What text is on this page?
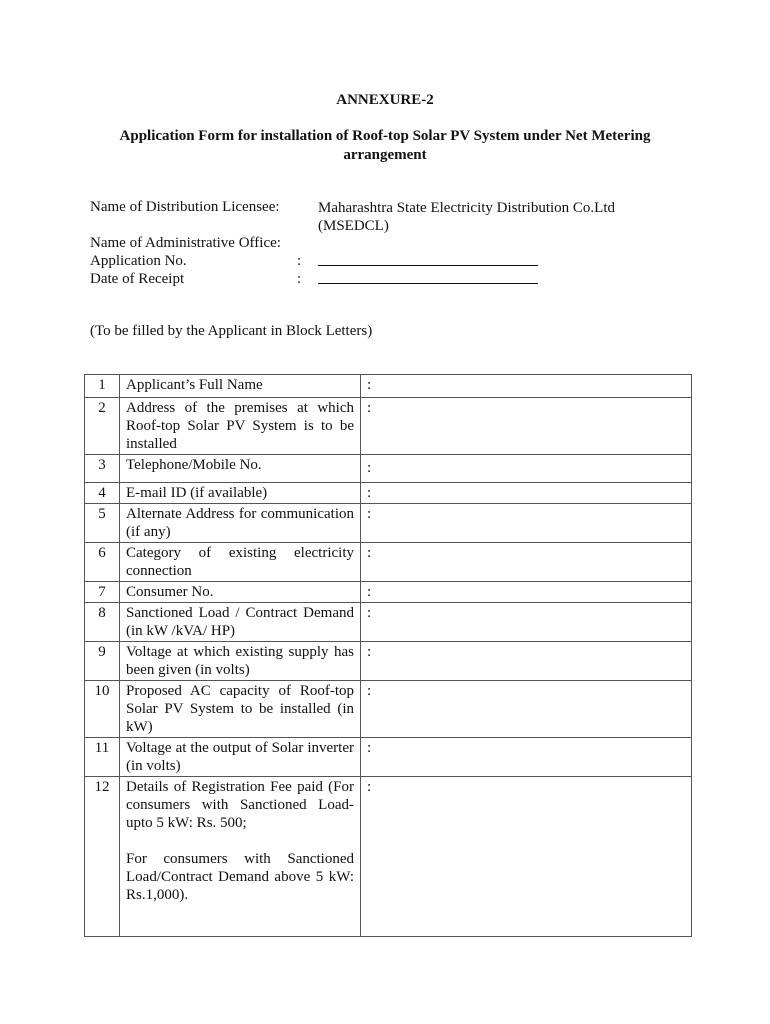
ANNEXURE-2
Application Form for installation of Roof-top Solar PV System under Net Metering
arrangement
Name of Distribution Licensee:	Maharashtra State Electricity Distribution Co.Ltd
(MSEDCL)
Name of Administrative Office:
Application No.	:
Date of Receipt	:
(To be filled by the Applicant in Block Letters)
1	Applicant’s Full Name	:
2	Address of the premises at which Roof-top Solar PV System is to be installed	:
3	Telephone/Mobile No.	:
4	E-mail ID (if available)	:
5	Alternate Address for communication (if any)	:
6	Category of existing electricity connection	:
7	Consumer No.	:
8	Sanctioned Load / Contract Demand (in kW /kVA/ HP)	:
9	Voltage at which existing supply has been given (in volts)	:
10	Proposed AC capacity of Roof-top Solar PV System to be installed (in kW)	:
11	Voltage at the output of Solar inverter (in volts)	:
12	Details of Registration Fee paid (For consumers with Sanctioned Load-upto 5 kW: Rs. 500;
For consumers with Sanctioned Load/Contract Demand above 5 kW: Rs.1,000).	:
